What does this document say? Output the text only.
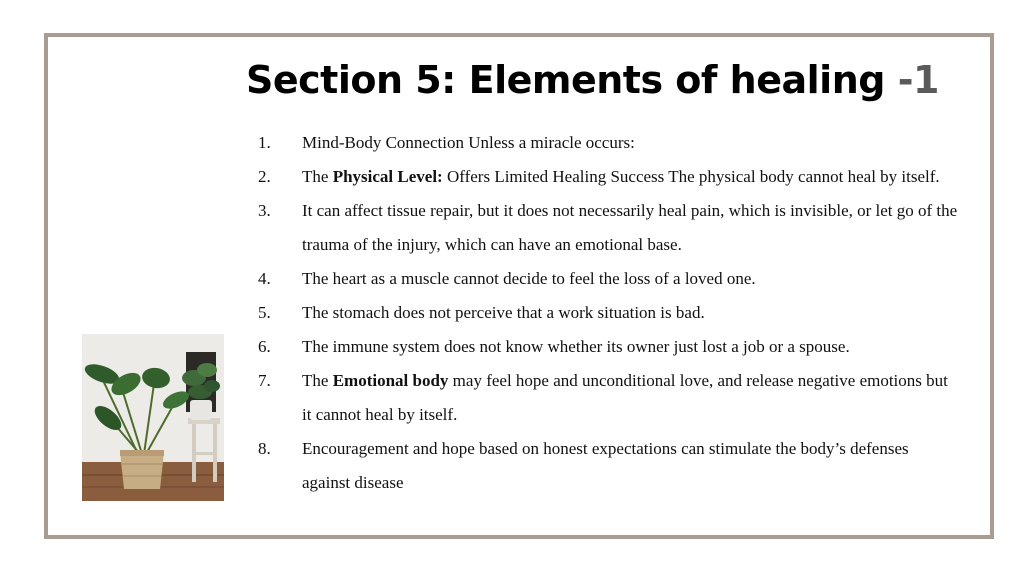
Section 5: Elements of healing -1
1. Mind-Body Connection Unless a miracle occurs:
2. The Physical Level: Offers Limited Healing Success The physical body cannot heal by itself.
3. It can affect tissue repair, but it does not necessarily heal pain, which is invisible, or let go of the trauma of the injury, which can have an emotional base.
4. The heart as a muscle cannot decide to feel the loss of a loved one.
5. The stomach does not perceive that a work situation is bad.
6. The immune system does not know whether its owner just lost a job or a spouse.
7. The Emotional body may feel hope and unconditional love, and release negative emotions but it cannot heal by itself.
8. Encouragement and hope based on honest expectations can stimulate the body’s defenses against disease
